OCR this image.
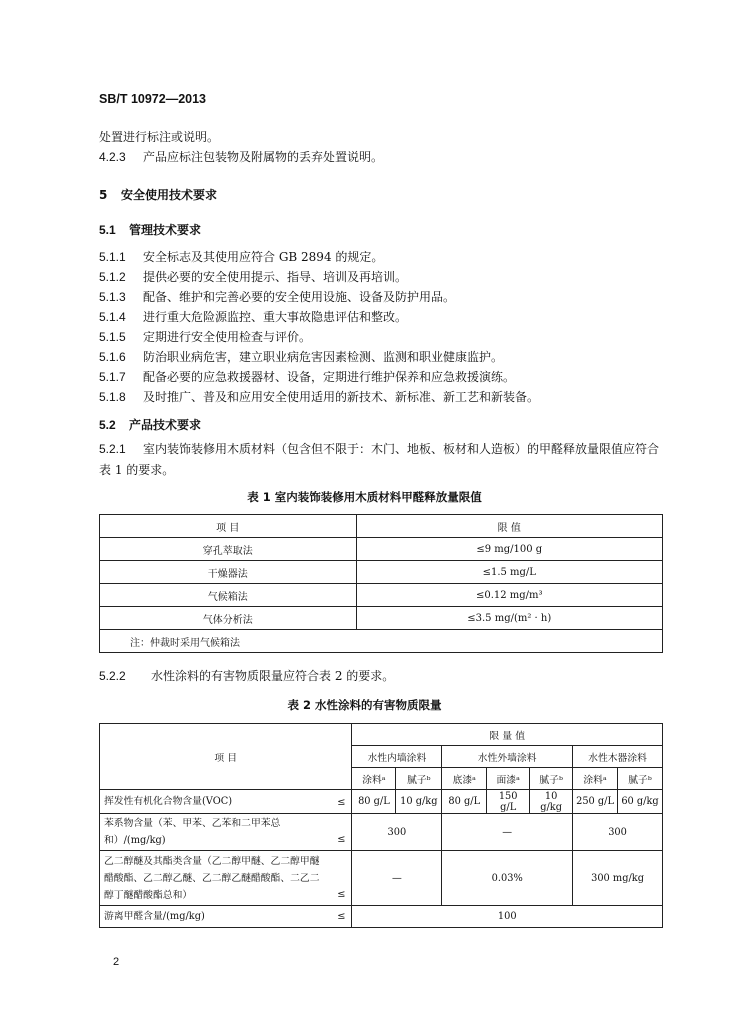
SB/T 10972—2013
处置进行标注或说明。
4.2.3 产品应标注包装物及附属物的丢弃处置说明。
5 安全使用技术要求
5.1 管理技术要求
5.1.1 安全标志及其使用应符合 GB 2894 的规定。
5.1.2 提供必要的安全使用提示、指导、培训及再培训。
5.1.3 配备、维护和完善必要的安全使用设施、设备及防护用品。
5.1.4 进行重大危险源监控、重大事故隐患评估和整改。
5.1.5 定期进行安全使用检查与评价。
5.1.6 防治职业病危害，建立职业病危害因素检测、监测和职业健康监护。
5.1.7 配备必要的应急救援器材、设备，定期进行维护保养和应急救援演练。
5.1.8 及时推广、普及和应用安全使用适用的新技术、新标准、新工艺和新装备。
5.2 产品技术要求
5.2.1 室内装饰装修用木质材料（包含但不限于：木门、地板、板材和人造板）的甲醛释放量限值应符合
表 1 的要求。
表 1 室内装饰装修用木质材料甲醛释放量限值
项 目	限 值
穿孔萃取法	≤9 mg/100 g
干燥器法	≤1.5 mg/L
气候箱法	≤0.12 mg/m³
气体分析法	≤3.5 mg/(m² · h)
注：仲裁时采用气候箱法	
5.2.2 水性涂料的有害物质限量应符合表 2 的要求。
表 2 水性涂料的有害物质限量
项 目	限 量 值						
	水性内墙涂料		水性外墙涂料			水性木器涂料	
	涂料ᵃ	腻子ᵇ	底漆ᵃ	面漆ᵃ	腻子ᵇ	涂料ᵃ	腻子ᵇ
挥发性有机化合物含量(VOC) ≤	80 g/L	10 g/kg	80 g/L	150 g/L	10 g/kg	250 g/L	60 g/kg
苯系物含量（苯、甲苯、乙苯和二甲苯总和）/(mg/kg) ≤	300		—			300	
乙二醇醚及其酯类含量（乙二醇甲醚、乙二醇甲醚醋酸酯、乙二醇乙醚、乙二醇乙醚醋酸酯、二乙二醇丁醚醋酸酯总和） ≤	—		0.03%			300 mg/kg	
游离甲醛含量/(mg/kg) ≤	100						
2
